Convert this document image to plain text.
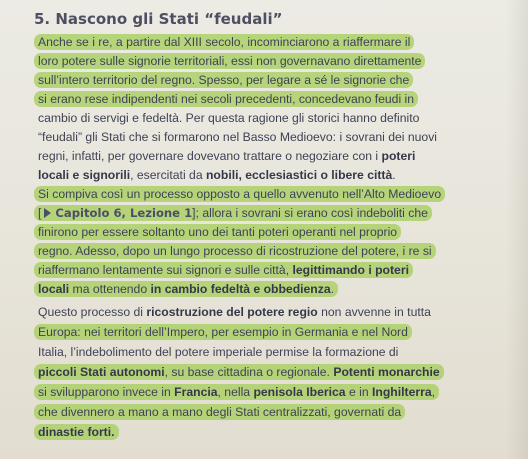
5. Nascono gli Stati “feudali”
Anche se i re, a partire dal XIII secolo, incominciarono a riaffermare il
loro potere sulle signorie territoriali, essi non governavano direttamente
sull’intero territorio del regno. Spesso, per legare a sé le signorie che
si erano rese indipendenti nei secoli precedenti, concedevano feudi in
cambio di servigi e fedeltà. Per questa ragione gli storici hanno definito
“feudali” gli Stati che si formarono nel Basso Medioevo: i sovrani dei nuovi
regni, infatti, per governare dovevano trattare o negoziare con i poteri
locali e signorili, esercitati da nobili, ecclesiastici o libere città.
Si compiva così un processo opposto a quello avvenuto nell’Alto Medioevo
[ Capitolo 6, Lezione 1]; allora i sovrani si erano così indeboliti che
finirono per essere soltanto uno dei tanti poteri operanti nel proprio
regno. Adesso, dopo un lungo processo di ricostruzione del potere, i re si
riaffermano lentamente sui signori e sulle città, legittimando i poteri
locali ma ottenendo in cambio fedeltà e obbedienza.
Questo processo di ricostruzione del potere regio non avvenne in tutta
Europa: nei territori dell’Impero, per esempio in Germania e nel Nord
Italia, l’indebolimento del potere imperiale permise la formazione di
piccoli Stati autonomi, su base cittadina o regionale. Potenti monarchie
si svilupparono invece in Francia, nella penisola Iberica e in Inghilterra,
che divennero a mano a mano degli Stati centralizzati, governati da
dinastie forti.
